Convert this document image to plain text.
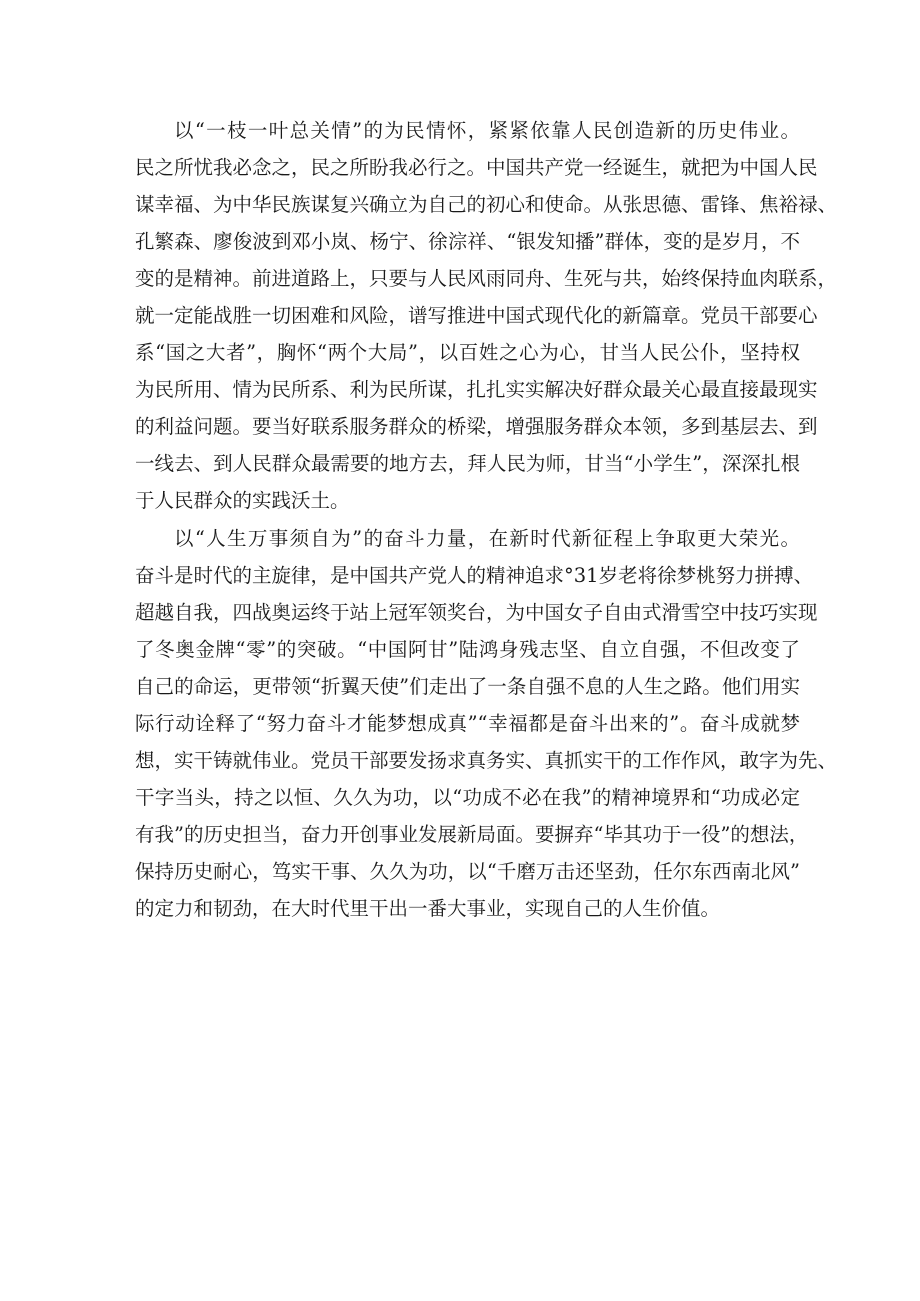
以“一枝一叶总关情”的为民情怀，紧紧依靠人民创造新的历史伟业。
民之所忧我必念之，民之所盼我必行之。中国共产党一经诞生，就把为中国人民
谋幸福、为中华民族谋复兴确立为自己的初心和使命。从张思德、雷锋、焦裕禄、
孔繁森、廖俊波到邓小岚、杨宁、徐淙祥、“银发知播”群体，变的是岁月，不
变的是精神。前进道路上，只要与人民风雨同舟、生死与共，始终保持血肉联系，
就一定能战胜一切困难和风险，谱写推进中国式现代化的新篇章。党员干部要心
系“国之大者”，胸怀“两个大局”，以百姓之心为心，甘当人民公仆，坚持权
为民所用、情为民所系、利为民所谋，扎扎实实解决好群众最关心最直接最现实
的利益问题。要当好联系服务群众的桥梁，增强服务群众本领，多到基层去、到
一线去、到人民群众最需要的地方去，拜人民为师，甘当“小学生”，深深扎根
于人民群众的实践沃土。
以“人生万事须自为”的奋斗力量，在新时代新征程上争取更大荣光。
奋斗是时代的主旋律，是中国共产党人的精神追求°31岁老将徐梦桃努力拼搏、
超越自我，四战奥运终于站上冠军领奖台，为中国女子自由式滑雪空中技巧实现
了冬奥金牌“零”的突破。“中国阿甘”陆鸿身残志坚、自立自强，不但改变了
自己的命运，更带领“折翼天使”们走出了一条自强不息的人生之路。他们用实
际行动诠释了“努力奋斗才能梦想成真”“幸福都是奋斗出来的”。奋斗成就梦
想，实干铸就伟业。党员干部要发扬求真务实、真抓实干的工作作风，敢字为先、
干字当头，持之以恒、久久为功，以“功成不必在我”的精神境界和“功成必定
有我”的历史担当，奋力开创事业发展新局面。要摒弃“毕其功于一役”的想法，
保持历史耐心，笃实干事、久久为功，以“千磨万击还坚劲，任尔东西南北风”
的定力和韧劲，在大时代里干出一番大事业，实现自己的人生价值。
